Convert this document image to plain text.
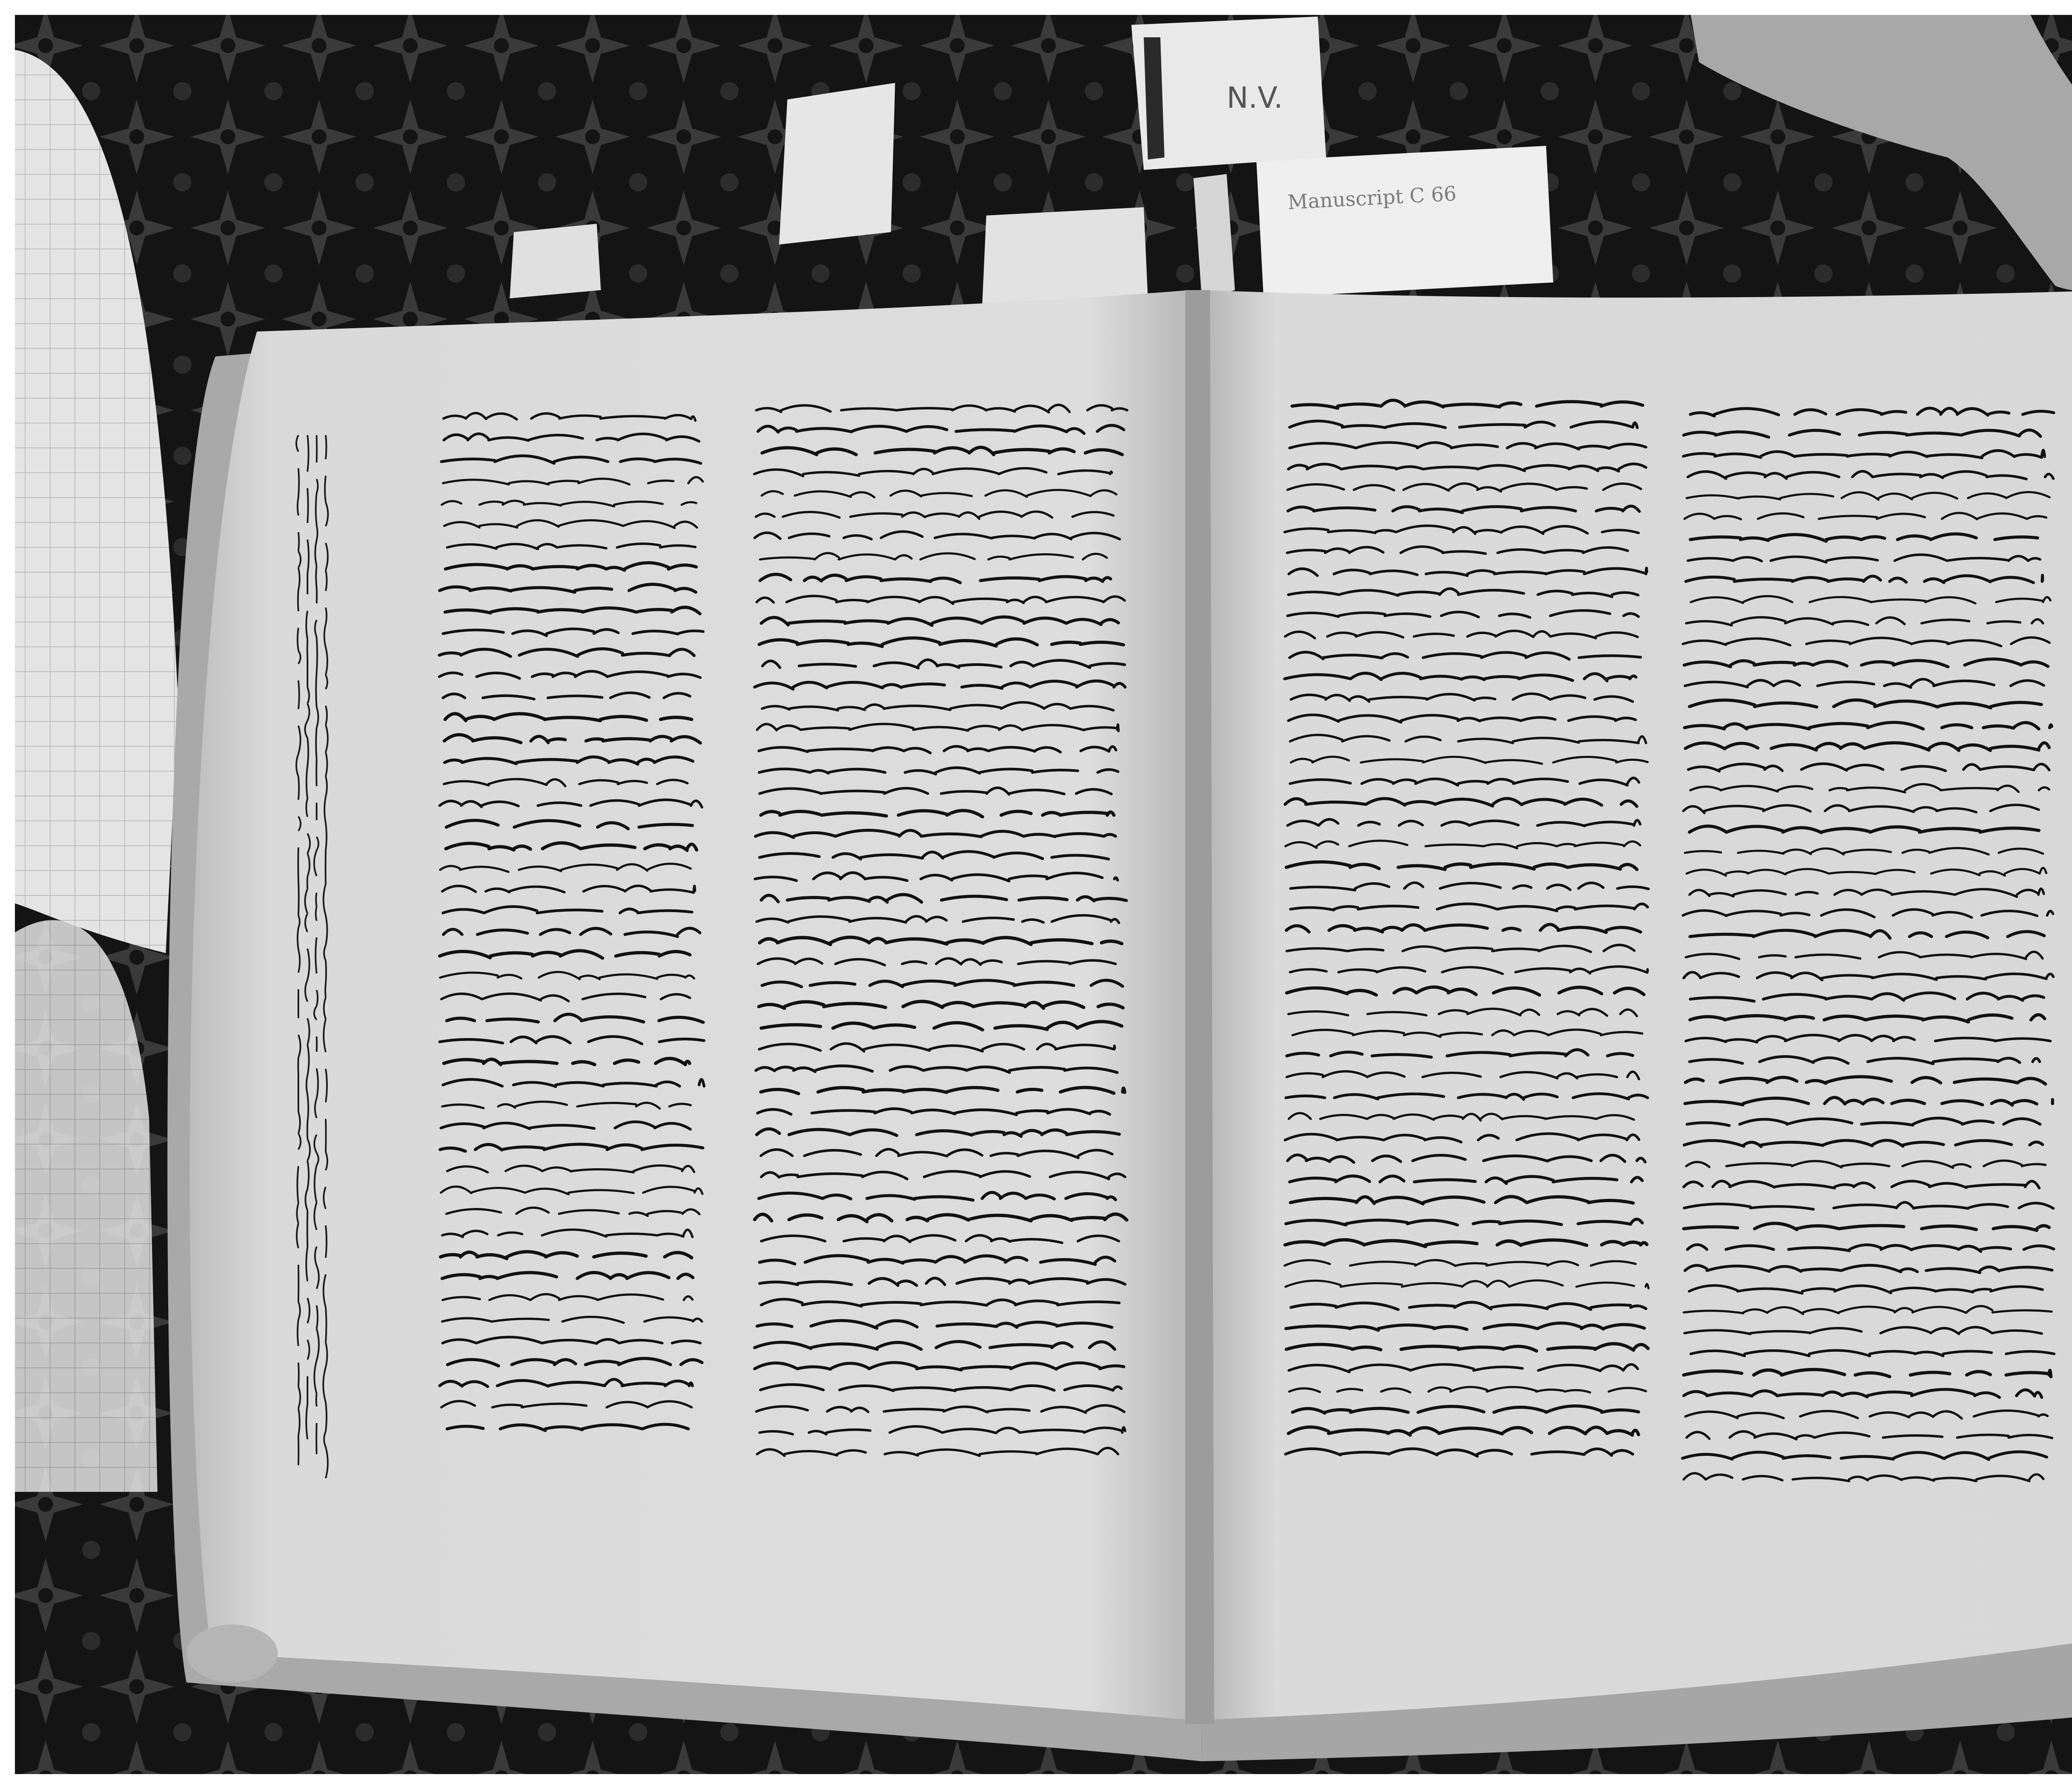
Manuscript C 66
N.V.
